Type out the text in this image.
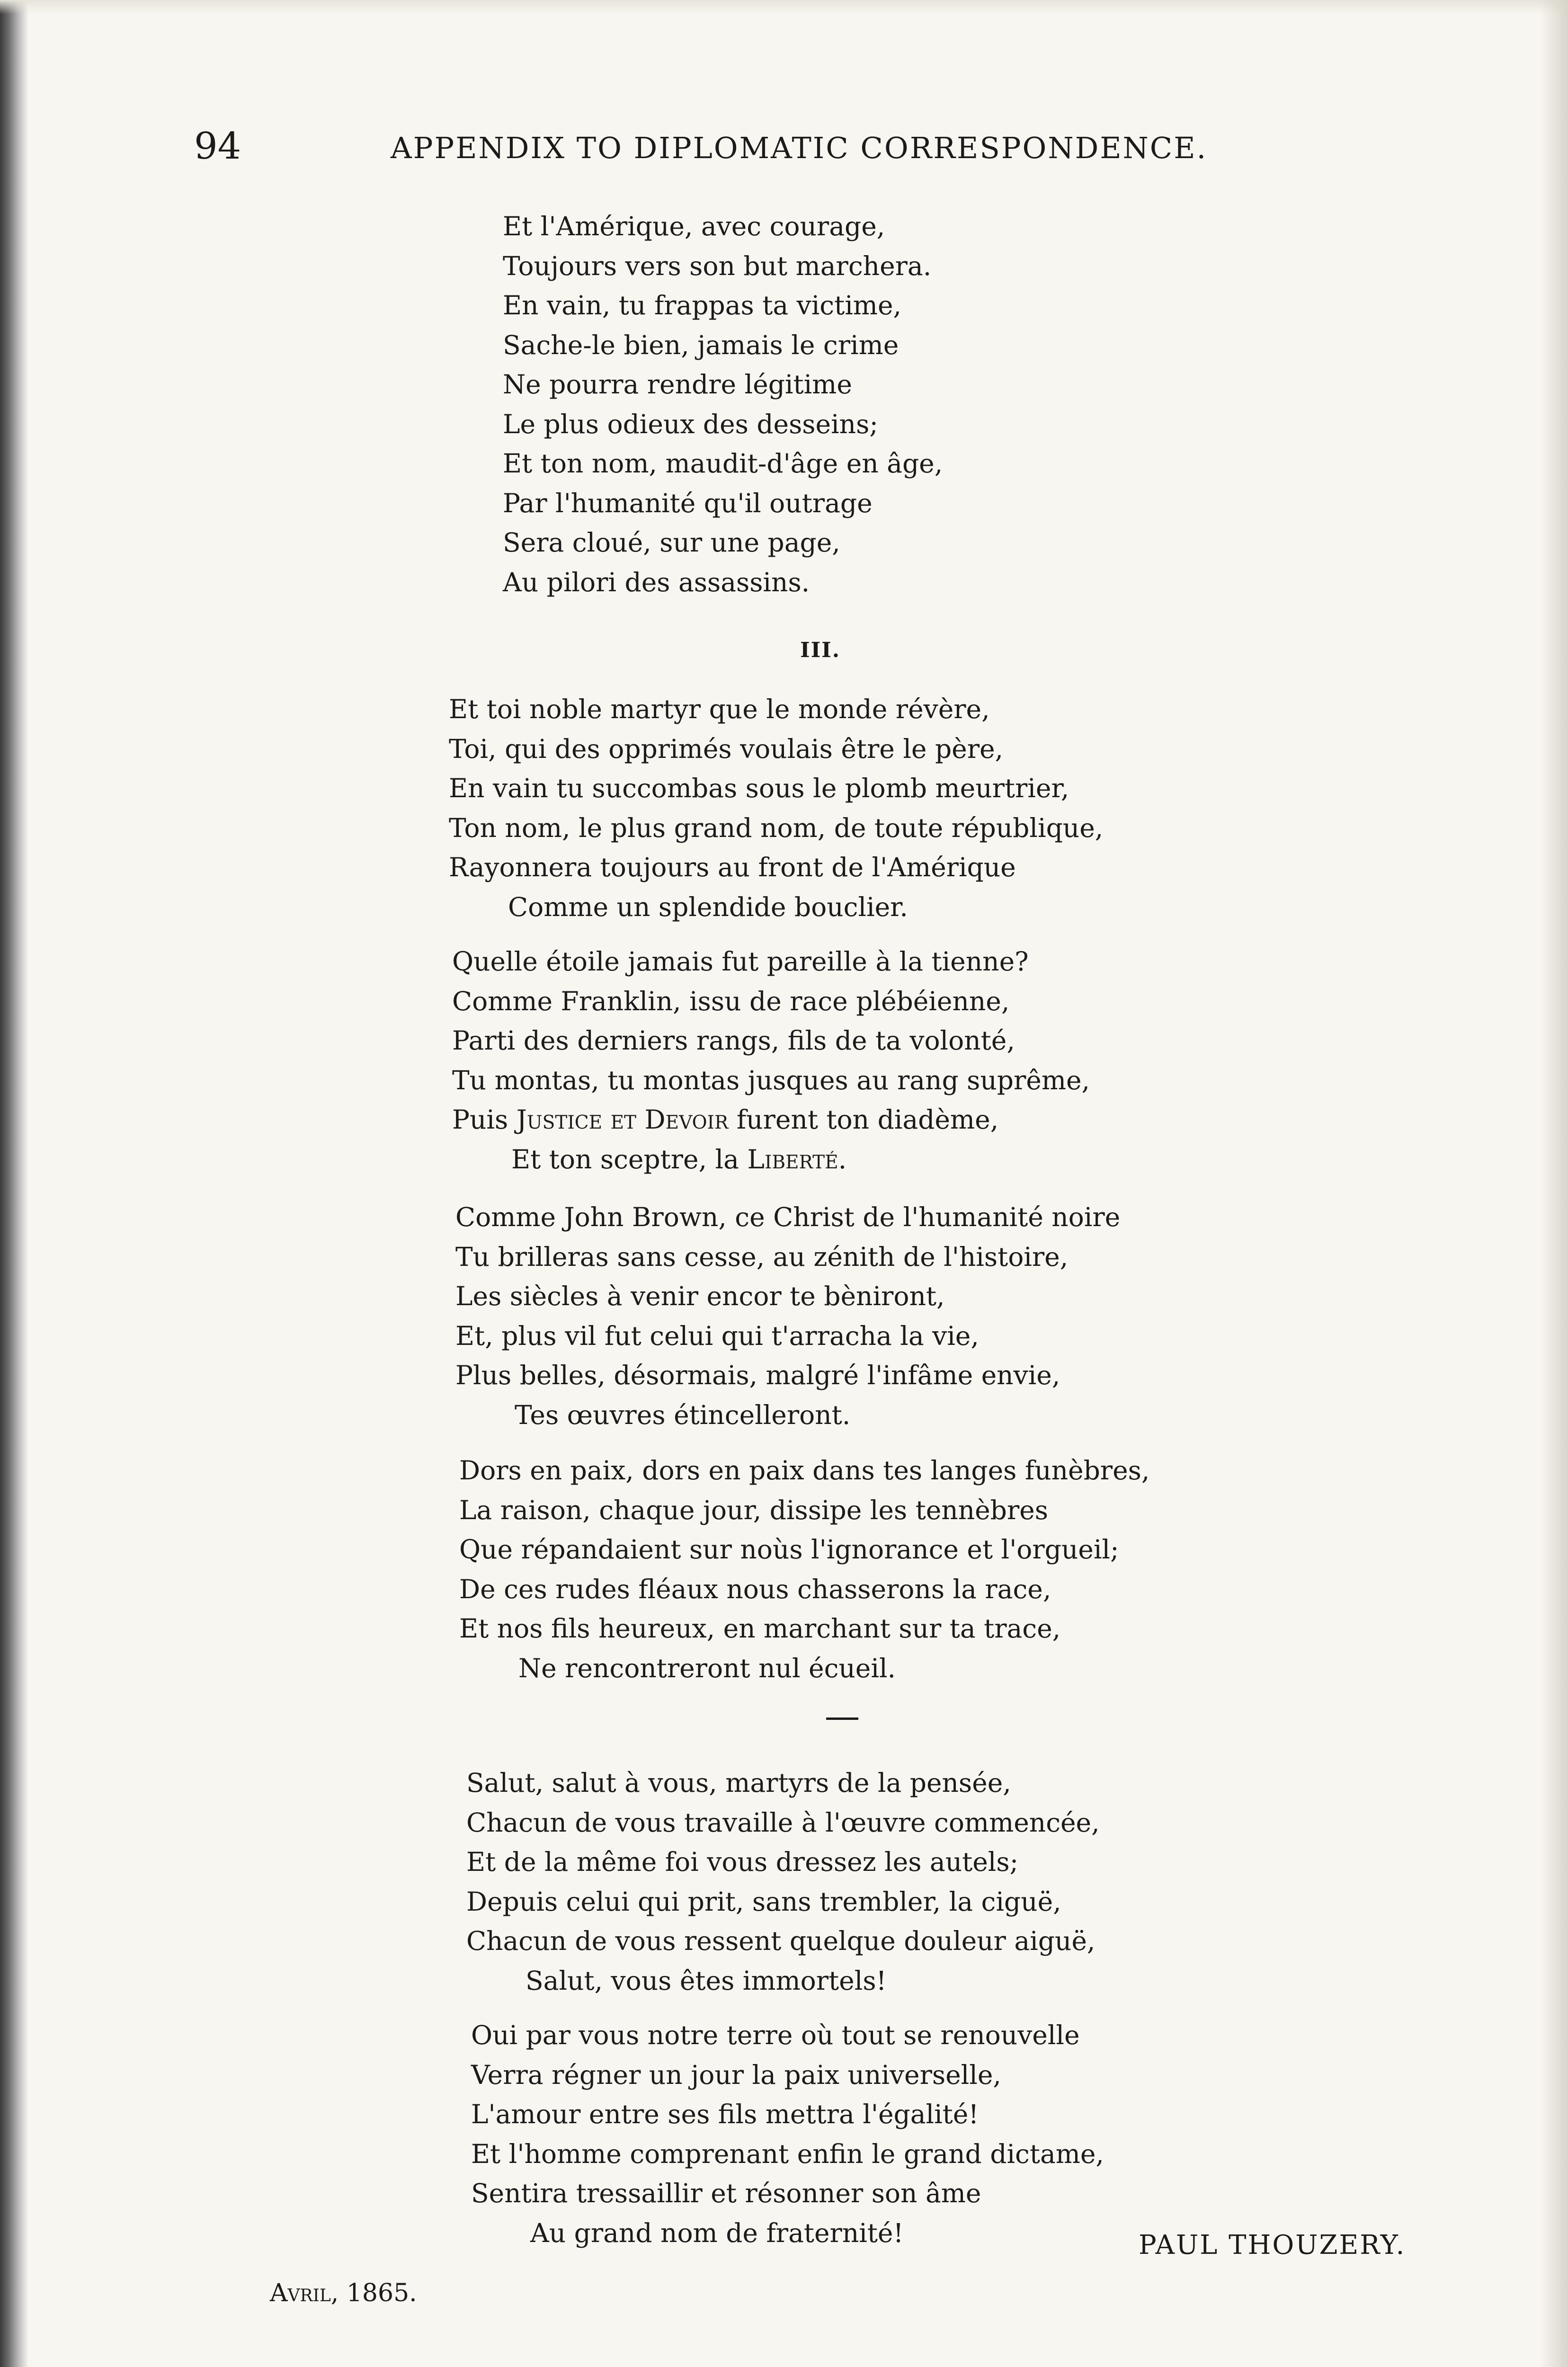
94	APPENDIX TO DIPLOMATIC CORRESPONDENCE.
Et l'Amérique, avec courage,
Toujours vers son but marchera.
En vain, tu frappas ta victime,
Sache-le bien, jamais le crime
Ne pourra rendre légitime
Le plus odieux des desseins;
Et ton nom, maudit-d'âge en âge,
Par l'humanité qu'il outrage
Sera cloué, sur une page,
Au pilori des assassins.
III.
Et toi noble martyr que le monde révère,
Toi, qui des opprimés voulais être le père,
En vain tu succombas sous le plomb meurtrier,
Ton nom, le plus grand nom, de toute république,
Rayonnera toujours au front de l'Amérique
Comme un splendide bouclier.
Quelle étoile jamais fut pareille à la tienne?
Comme Franklin, issu de race plébéienne,
Parti des derniers rangs, fils de ta volonté,
Tu montas, tu montas jusques au rang suprême,
Puis Justice et Devoir furent ton diadème,
Et ton sceptre, la Liberté.
Comme John Brown, ce Christ de l'humanité noire
Tu brilleras sans cesse, au zénith de l'histoire,
Les siècles à venir encor te bèniront,
Et, plus vil fut celui qui t'arracha la vie,
Plus belles, désormais, malgré l'infâme envie,
Tes œuvres étincelleront.
Dors en paix, dors en paix dans tes langes funèbres,
La raison, chaque jour, dissipe les tennèbres
Que répandaient sur noùs l'ignorance et l'orgueil;
De ces rudes fléaux nous chasserons la race,
Et nos fils heureux, en marchant sur ta trace,
Ne rencontreront nul écueil.
Salut, salut à vous, martyrs de la pensée,
Chacun de vous travaille à l'œuvre commencée,
Et de la même foi vous dressez les autels;
Depuis celui qui prit, sans trembler, la ciguë,
Chacun de vous ressent quelque douleur aiguë,
Salut, vous êtes immortels!
Oui par vous notre terre où tout se renouvelle
Verra régner un jour la paix universelle,
L'amour entre ses fils mettra l'égalité!
Et l'homme comprenant enfin le grand dictame,
Sentira tressaillir et résonner son âme
Au grand nom de fraternité!	PAUL THOUZERY.
Avril, 1865.
